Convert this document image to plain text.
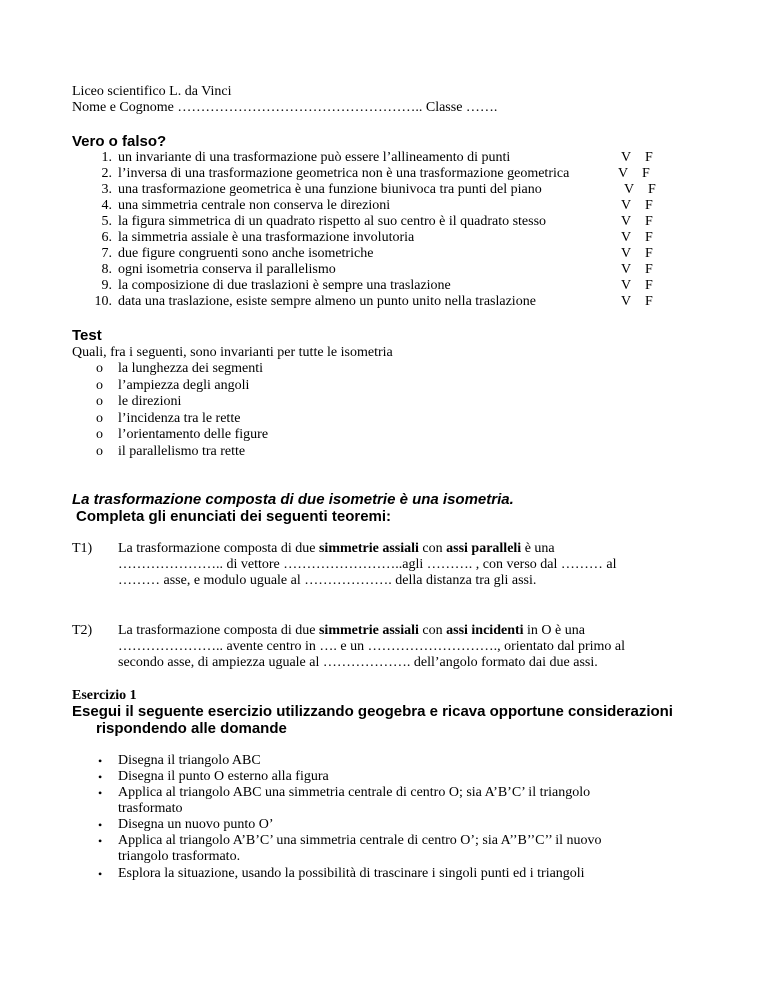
Liceo scientifico L. da Vinci
Nome e Cognome …………………………………………….. Classe …….
Vero o falso?
1. un invariante di una trasformazione può essere l’allineamento di punti	V F
2. l’inversa di una trasformazione geometrica non è una trasformazione geometrica	V F
3. una trasformazione geometrica è una funzione biunivoca tra punti del piano	V F
4. una simmetria centrale non conserva le direzioni	V F
5. la figura simmetrica di un quadrato rispetto al suo centro è il quadrato stesso	V F
6. la simmetria assiale è una trasformazione involutoria	V F
7. due figure congruenti sono anche isometriche	V F
8. ogni isometria conserva il parallelismo	V F
9. la composizione di due traslazioni è sempre una traslazione	V F
10. data una traslazione, esiste sempre almeno un punto unito nella traslazione	V F
Test
Quali, fra i seguenti, sono invarianti per tutte le isometria
o la lunghezza dei segmenti
o l’ampiezza degli angoli
o le direzioni
o l’incidenza tra le rette
o l’orientamento delle figure
o il parallelismo tra rette
La trasformazione composta di due isometrie è una isometria.
Completa gli enunciati dei seguenti teoremi:
T1) La trasformazione composta di due simmetrie assiali con assi paralleli è una
………………….. di vettore ……………………..agli ………. , con verso dal ……… al
……… asse, e modulo uguale al ………………. della distanza tra gli assi.
T2) La trasformazione composta di due simmetrie assiali con assi incidenti in O è una
………………….. avente centro in …. e un ………………………., orientato dal primo al
secondo asse, di ampiezza uguale al ………………. dell’angolo formato dai due assi.
Esercizio 1
Esegui il seguente esercizio utilizzando geogebra e ricava opportune considerazioni
rispondendo alle domande
• Disegna il triangolo ABC
• Disegna il punto O esterno alla figura
• Applica al triangolo ABC una simmetria centrale di centro O; sia A’B’C’ il triangolo
trasformato
• Disegna un nuovo punto O’
• Applica al triangolo A’B’C’ una simmetria centrale di centro O’; sia A’’B’’C’’ il nuovo
triangolo trasformato.
• Esplora la situazione, usando la possibilità di trascinare i singoli punti ed i triangoli
